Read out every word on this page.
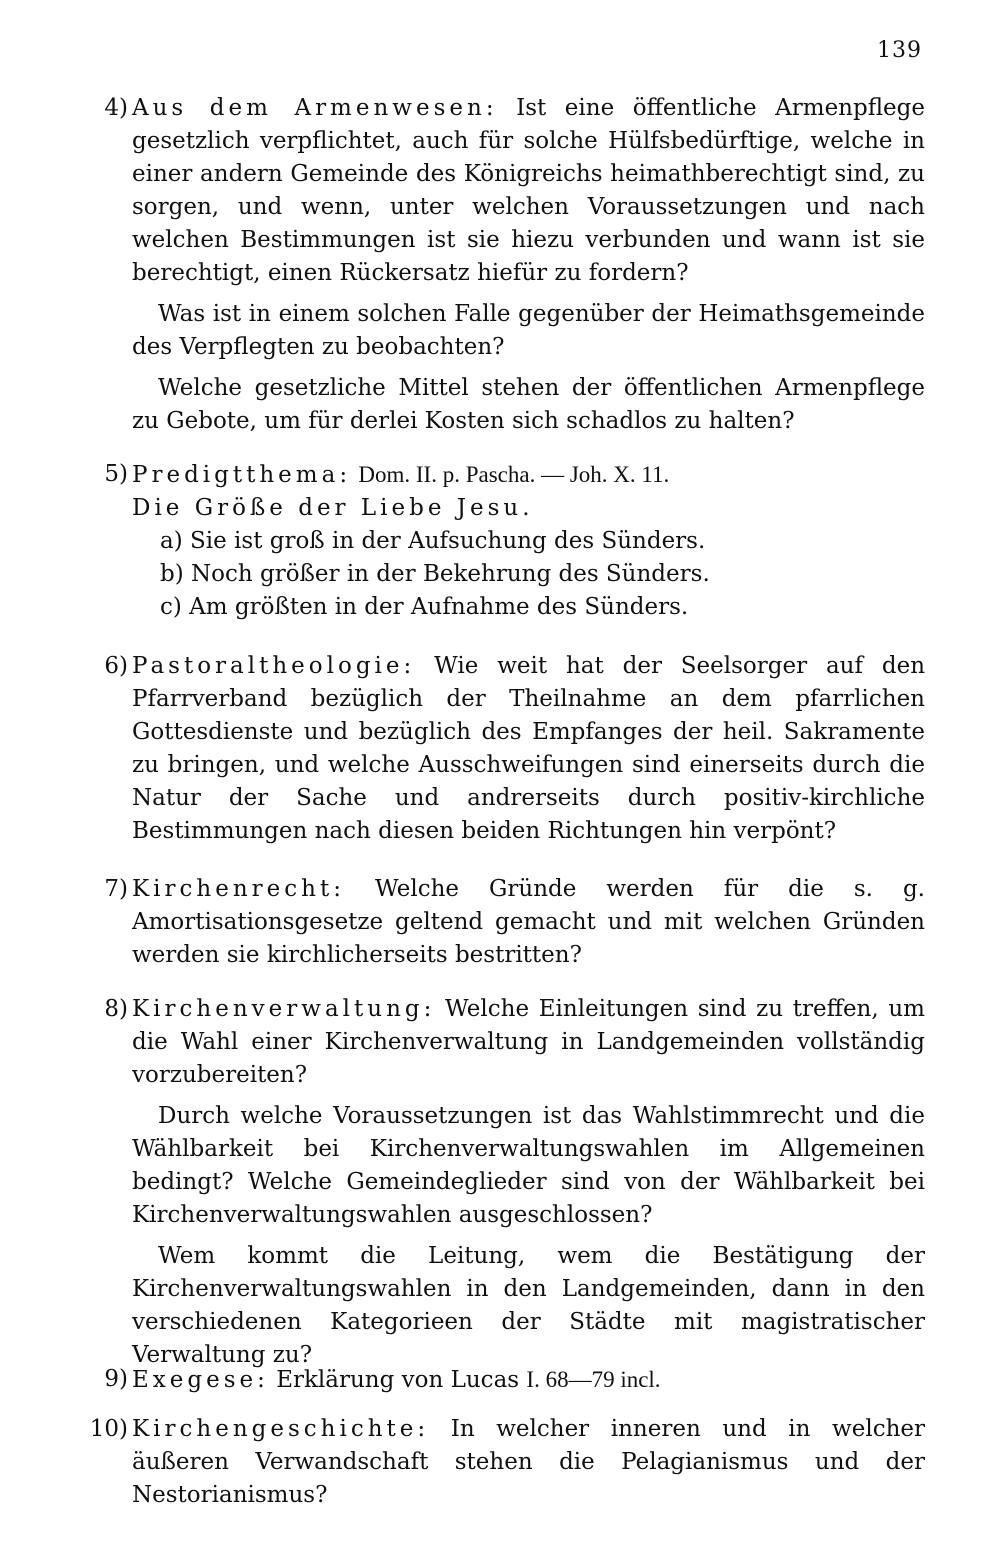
139
4) Aus dem Armenwesen: Ist eine öffentliche Armenpflege gesetzlich verpflichtet, auch für solche Hülfsbedürftige, welche in einer andern Gemeinde des Königreichs heimathberechtigt sind, zu sorgen, und wenn, unter welchen Voraussetzungen und nach welchen Bestimmungen ist sie hiezu verbunden und wann ist sie berechtigt, einen Rückersatz hiefür zu fordern?
Was ist in einem solchen Falle gegenüber der Heimathsgemeinde des Verpflegten zu beobachten?
Welche gesetzliche Mittel stehen der öffentlichen Armenpflege zu Gebote, um für derlei Kosten sich schadlos zu halten?
5) Predigtthema: Dom. II. p. Pascha. — Joh. X. 11.
Die Größe der Liebe Jesu.
a) Sie ist groß in der Aufsuchung des Sünders.
b) Noch größer in der Bekehrung des Sünders.
c) Am größten in der Aufnahme des Sünders.
6) Pastoraltheologie: Wie weit hat der Seelsorger auf den Pfarrverband bezüglich der Theilnahme an dem pfarrlichen Gottesdienste und bezüglich des Empfanges der heil. Sakramente zu bringen, und welche Ausschweifungen sind einerseits durch die Natur der Sache und andrerseits durch positiv-kirchliche Bestimmungen nach diesen beiden Richtungen hin verpönt?
7) Kirchenrecht: Welche Gründe werden für die s. g. Amortisationsgesetze geltend gemacht und mit welchen Gründen werden sie kirchlicherseits bestritten?
8) Kirchenverwaltung: Welche Einleitungen sind zu treffen, um die Wahl einer Kirchenverwaltung in Landgemeinden vollständig vorzubereiten?
Durch welche Voraussetzungen ist das Wahlstimmrecht und die Wählbarkeit bei Kirchenverwaltungswahlen im Allgemeinen bedingt? Welche Gemeindeglieder sind von der Wählbarkeit bei Kirchenverwaltungswahlen ausgeschlossen?
Wem kommt die Leitung, wem die Bestätigung der Kirchenverwaltungswahlen in den Landgemeinden, dann in den verschiedenen Kategorieen der Städte mit magistratischer Verwaltung zu?
9) Exegese: Erklärung von Lucas I. 68—79 incl.
10) Kirchengeschichte: In welcher inneren und in welcher äußeren Verwandschaft stehen die Pelagianismus und der Nestorianismus?
